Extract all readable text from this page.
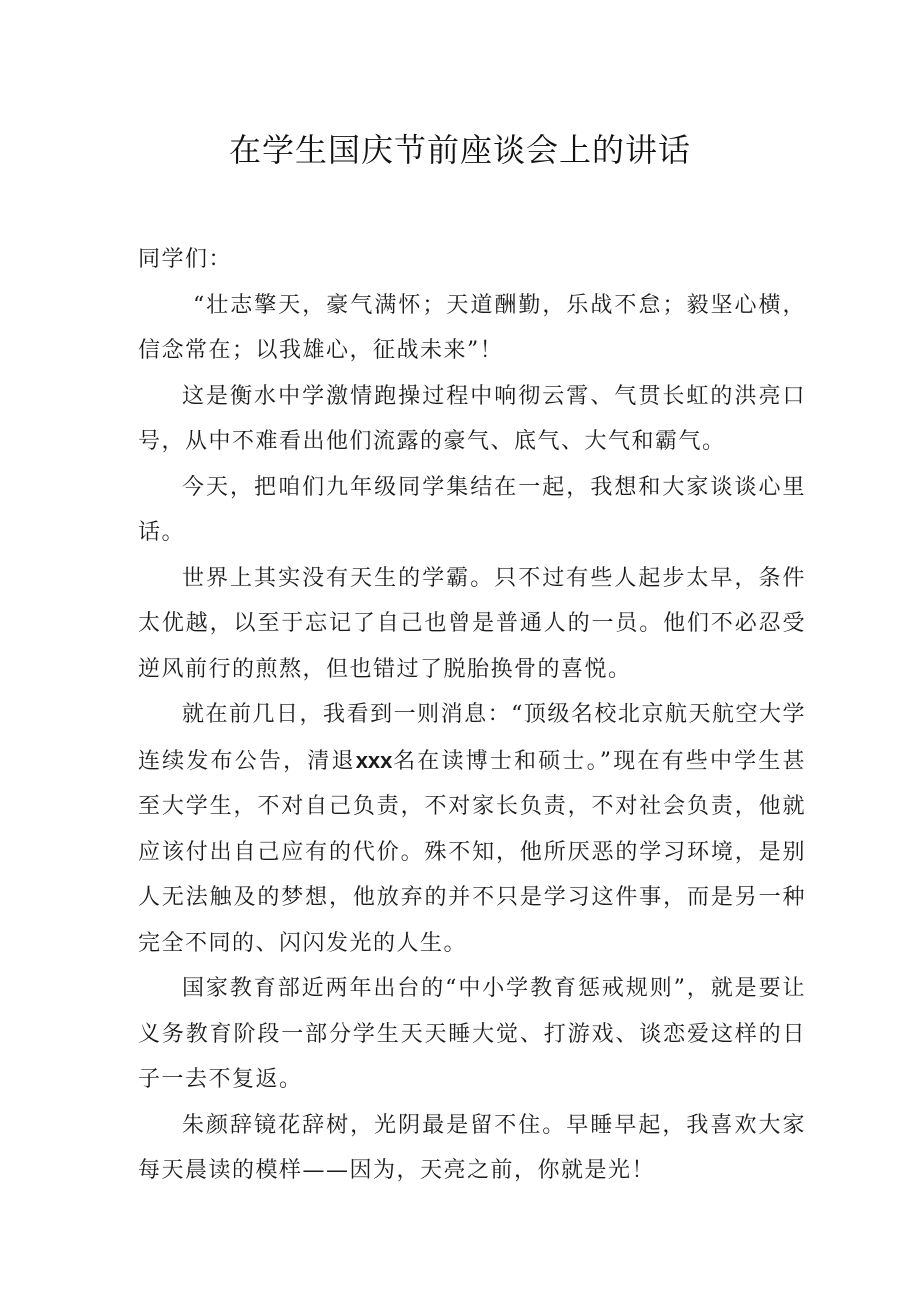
在学生国庆节前座谈会上的讲话

同学们：

“壮志擎天，豪气满怀；天道酬勤，乐战不怠；毅坚心横，信念常在；以我雄心，征战未来”！

这是衡水中学激情跑操过程中响彻云霄、气贯长虹的洪亮口号，从中不难看出他们流露的豪气、底气、大气和霸气。

今天，把咱们九年级同学集结在一起，我想和大家谈谈心里话。

世界上其实没有天生的学霸。只不过有些人起步太早，条件太优越，以至于忘记了自己也曾是普通人的一员。他们不必忍受逆风前行的煎熬，但也错过了脱胎换骨的喜悦。

就在前几日，我看到一则消息：“顶级名校北京航天航空大学连续发布公告，清退xxx名在读博士和硕士。”现在有些中学生甚至大学生，不对自己负责，不对家长负责，不对社会负责，他就应该付出自己应有的代价。殊不知，他所厌恶的学习环境，是别人无法触及的梦想，他放弃的并不只是学习这件事，而是另一种完全不同的、闪闪发光的人生。

国家教育部近两年出台的“中小学教育惩戒规则”，就是要让义务教育阶段一部分学生天天睡大觉、打游戏、谈恋爱这样的日子一去不复返。

朱颜辞镜花辞树，光阴最是留不住。早睡早起，我喜欢大家每天晨读的模样——因为，天亮之前，你就是光！
